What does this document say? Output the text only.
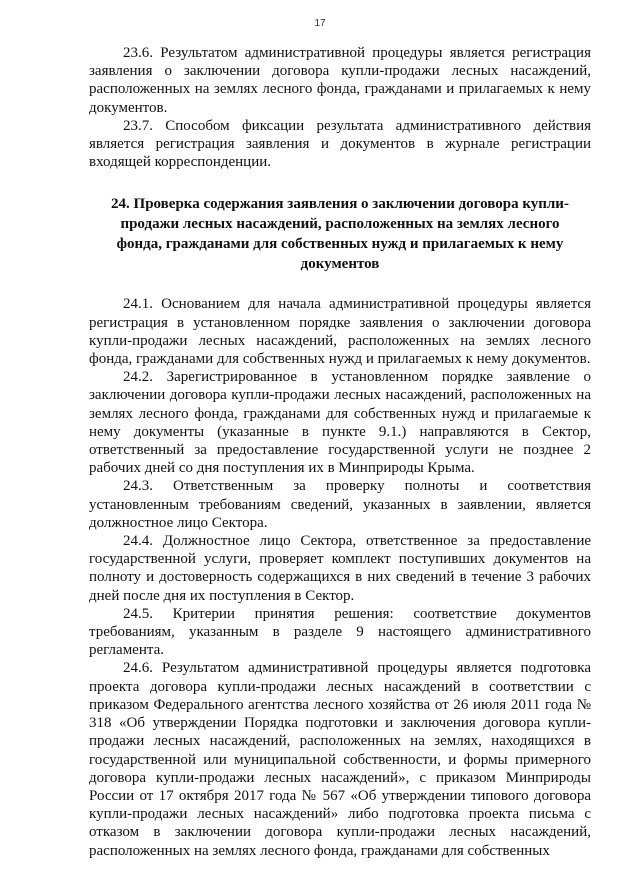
17

23.6. Результатом административной процедуры является регистрация заявления о заключении договора купли-продажи лесных насаждений, расположенных на землях лесного фонда, гражданами и прилагаемых к нему документов.

23.7. Способом фиксации результата административного действия является регистрация заявления и документов в журнале регистрации входящей корреспонденции.

24. Проверка содержания заявления о заключении договора купли-продажи лесных насаждений, расположенных на землях лесного фонда, гражданами для собственных нужд и прилагаемых к нему документов

24.1. Основанием для начала административной процедуры является регистрация в установленном порядке заявления о заключении договора купли-продажи лесных насаждений, расположенных на землях лесного фонда, гражданами для собственных нужд и прилагаемых к нему документов.

24.2. Зарегистрированное в установленном порядке заявление о заключении договора купли-продажи лесных насаждений, расположенных на землях лесного фонда, гражданами для собственных нужд и прилагаемые к нему документы (указанные в пункте 9.1.) направляются в Сектор, ответственный за предоставление государственной услуги не позднее 2 рабочих дней со дня поступления их в Минприроды Крыма.

24.3. Ответственным за проверку полноты и соответствия установленным требованиям сведений, указанных в заявлении, является должностное лицо Сектора.

24.4. Должностное лицо Сектора, ответственное за предоставление государственной услуги, проверяет комплект поступивших документов на полноту и достоверность содержащихся в них сведений в течение 3 рабочих дней после дня их поступления в Сектор.

24.5. Критерии принятия решения: соответствие документов требованиям, указанным в разделе 9 настоящего административного регламента.

24.6. Результатом административной процедуры является подготовка проекта договора купли-продажи лесных насаждений в соответствии с приказом Федерального агентства лесного хозяйства от 26 июля 2011 года № 318 «Об утверждении Порядка подготовки и заключения договора купли-продажи лесных насаждений, расположенных на землях, находящихся в государственной или муниципальной собственности, и формы примерного договора купли-продажи лесных насаждений», с приказом Минприроды России от 17 октября 2017 года № 567 «Об утверждении типового договора купли-продажи лесных насаждений» либо подготовка проекта письма с отказом в заключении договора купли-продажи лесных насаждений, расположенных на землях лесного фонда, гражданами для собственных
